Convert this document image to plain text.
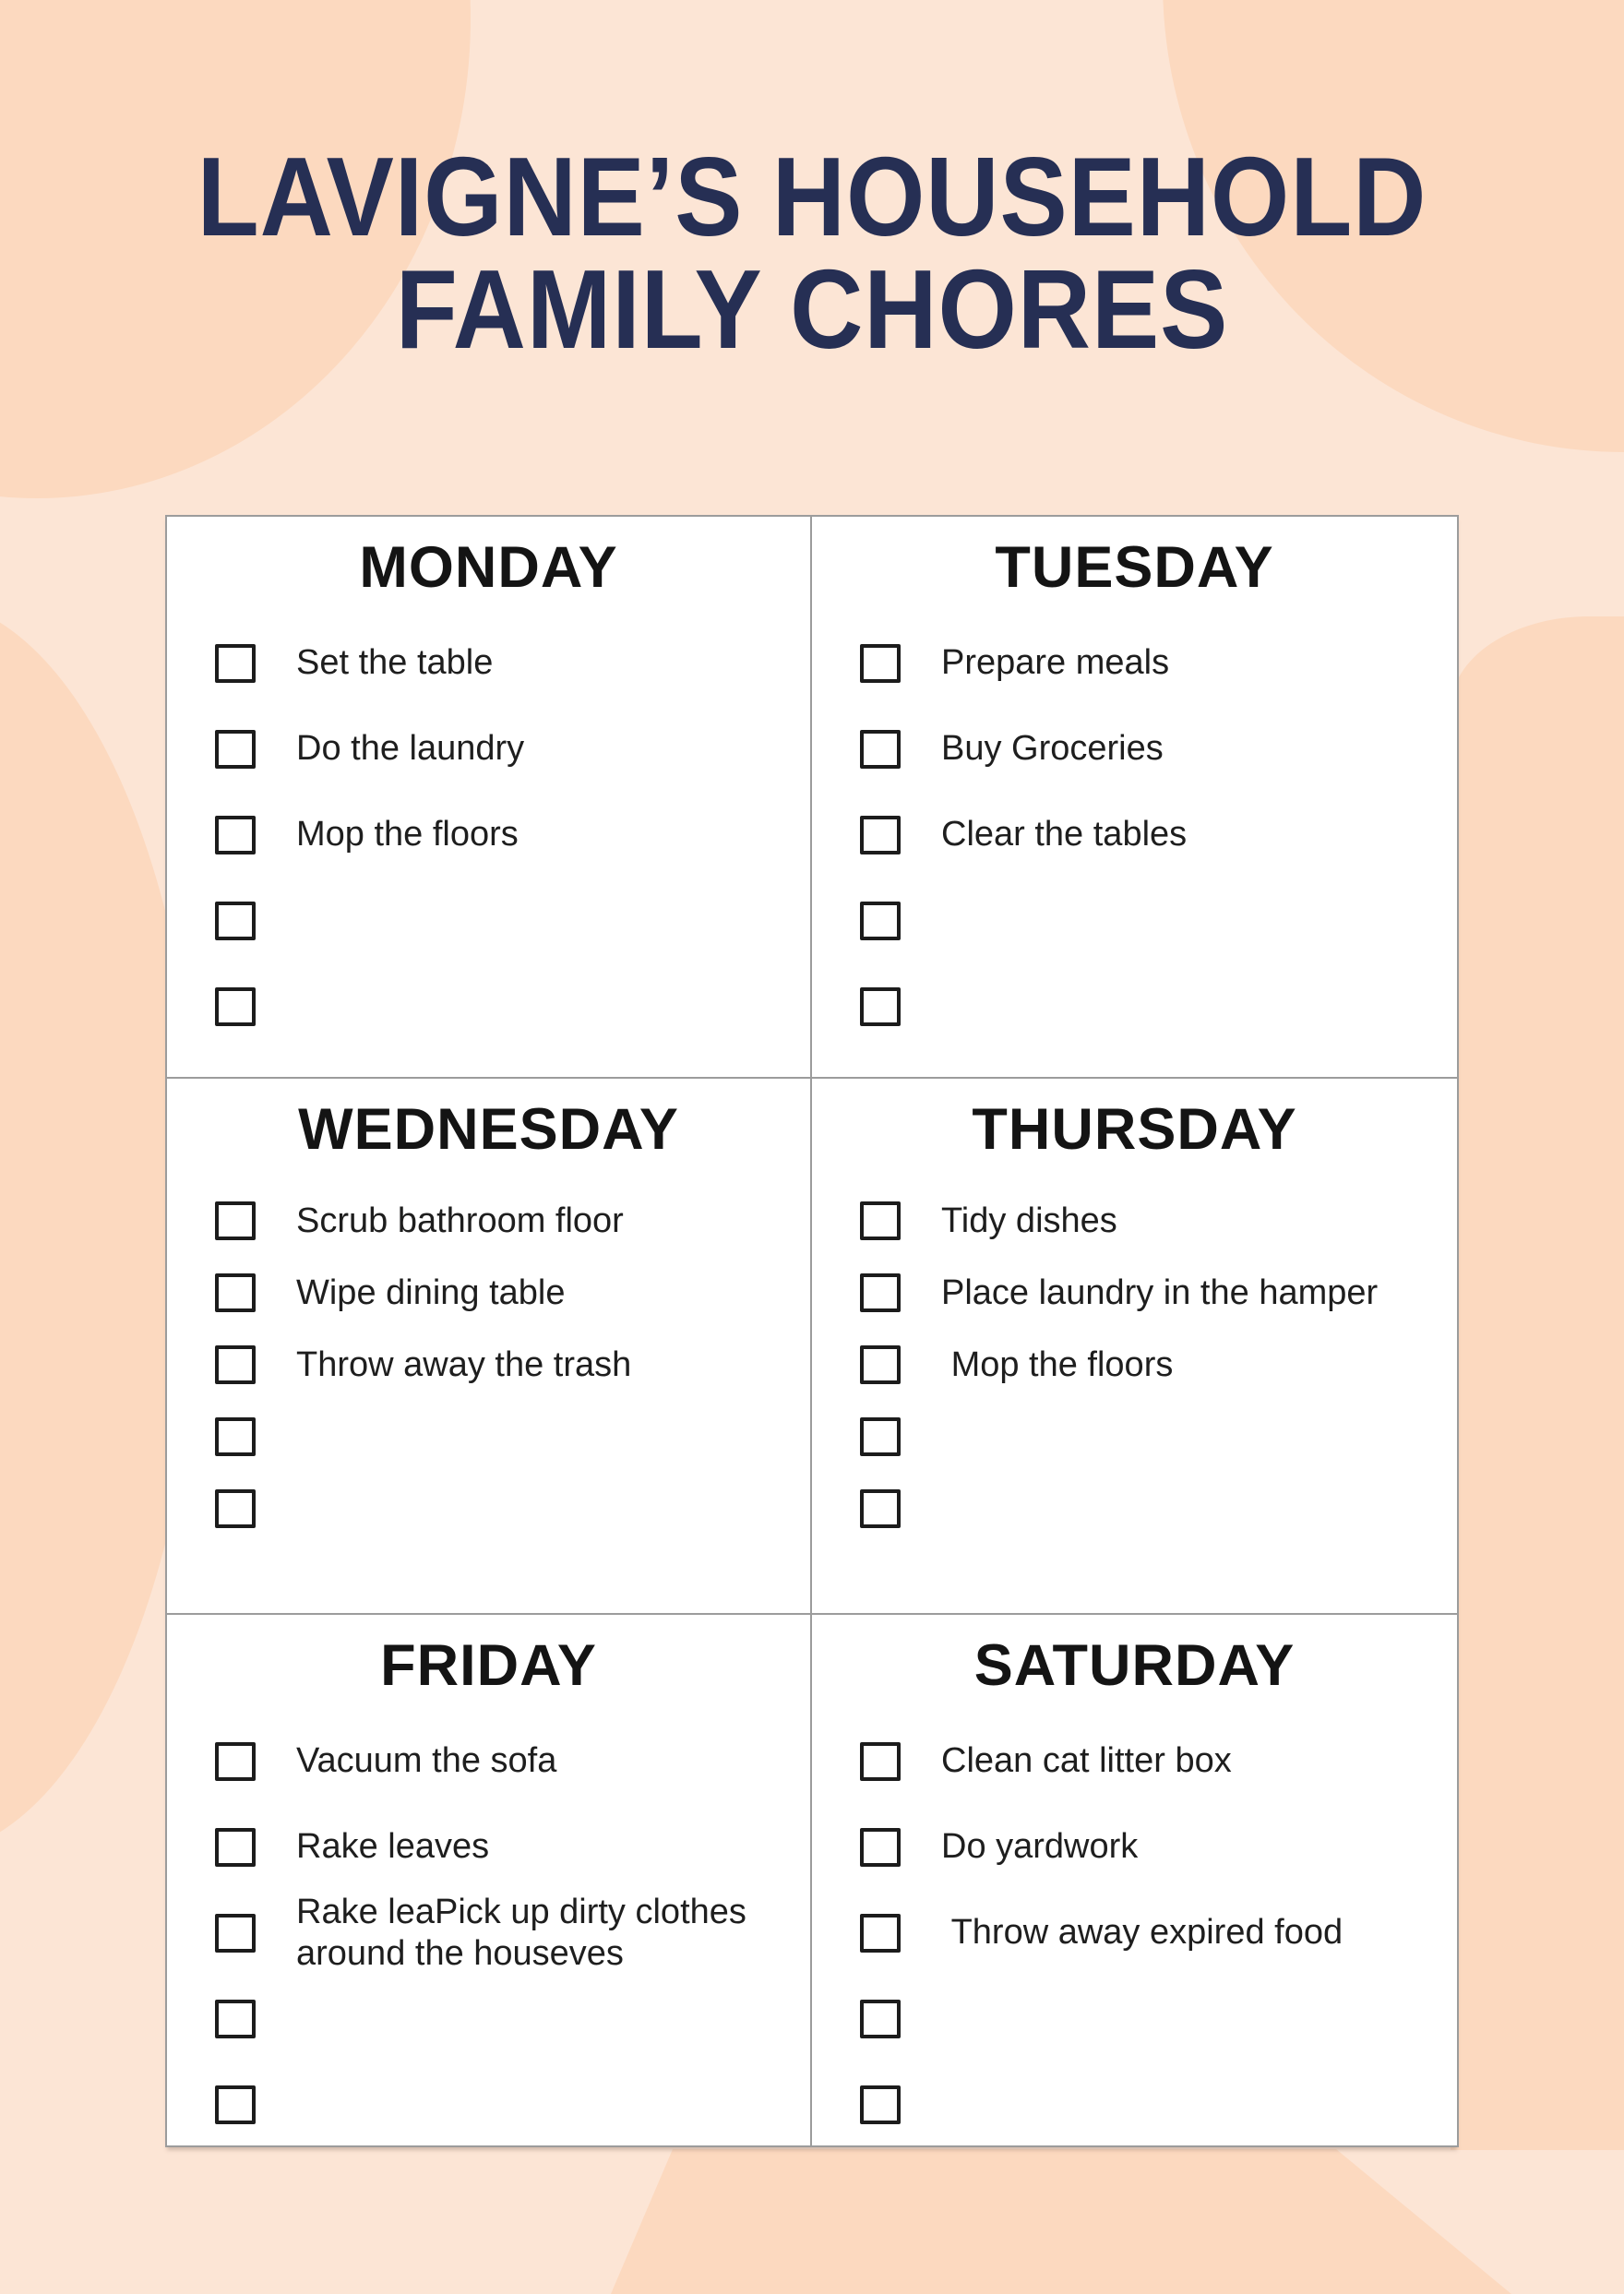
LAVIGNE’S HOUSEHOLD
FAMILY CHORES
MONDAY
Set the table
Do the laundry
Mop the floors
TUESDAY
Prepare meals
Buy Groceries
Clear the tables
WEDNESDAY
Scrub bathroom floor
Wipe dining table
Throw away the trash
THURSDAY
Tidy dishes
Place laundry in the hamper
Mop the floors
FRIDAY
Vacuum the sofa
Rake leaves
Rake leaPick up dirty clothes around the houseves
SATURDAY
Clean cat litter box
Do yardwork
Throw away expired food
